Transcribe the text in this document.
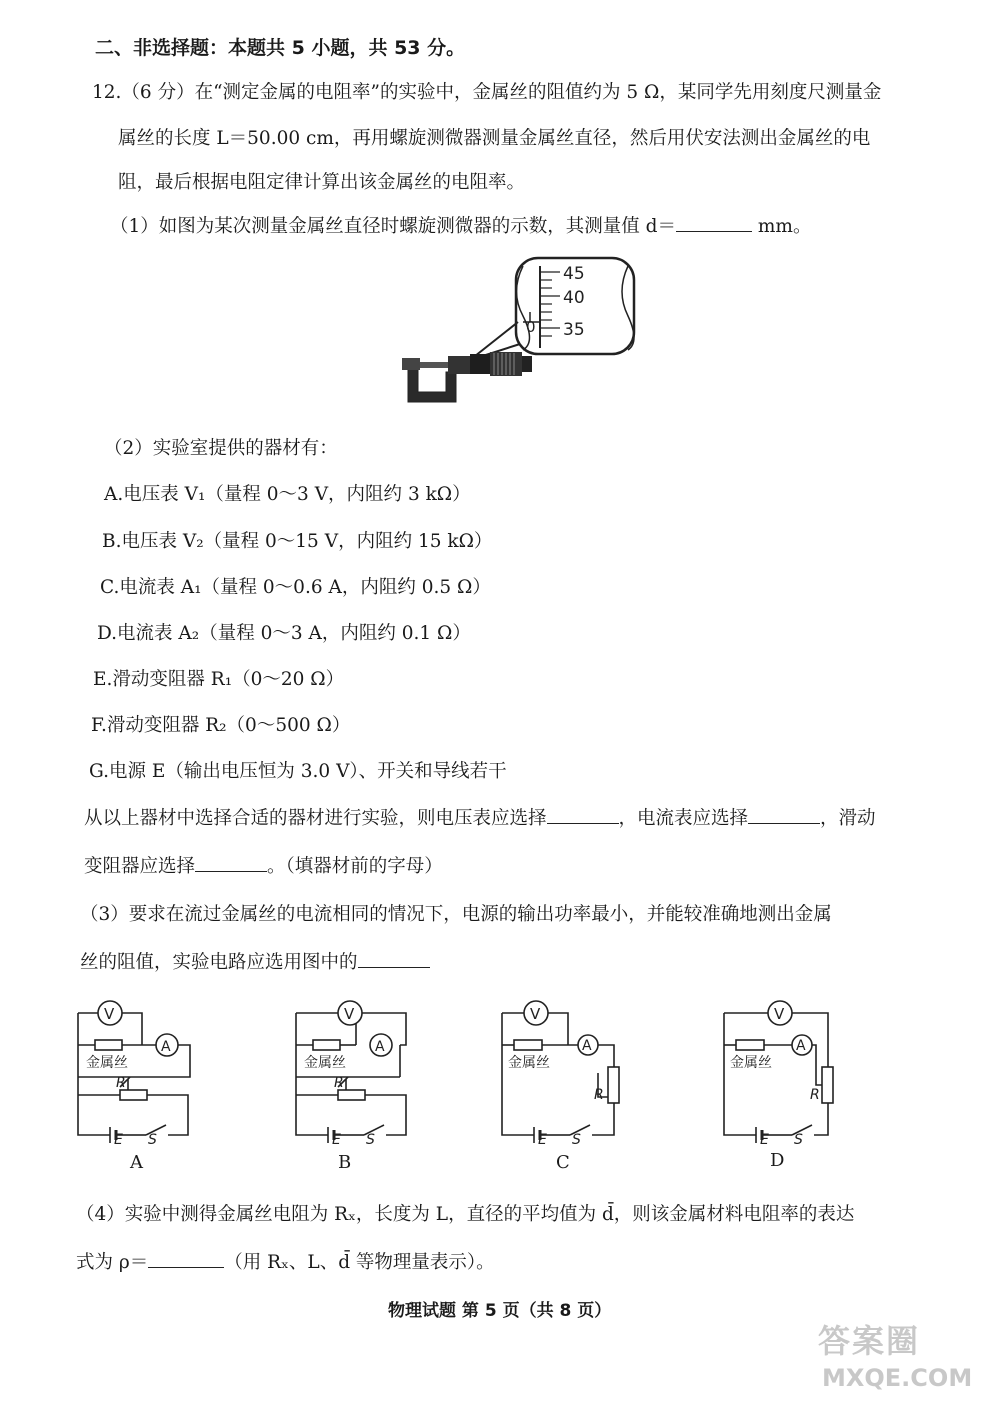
二、非选择题：本题共 5 小题，共 53 分。
12.（6 分）在“测定金属的电阻率”的实验中，金属丝的阻值约为 5 Ω，某同学先用刻度尺测量金
属丝的长度 L＝50.00 cm，再用螺旋测微器测量金属丝直径，然后用伏安法测出金属丝的电
阻，最后根据电阻定律计算出该金属丝的电阻率。
（1）如图为某次测量金属丝直径时螺旋测微器的示数，其测量值 d＝	mm。
45
40
35
0
（2）实验室提供的器材有：
A.电压表 V₁（量程 0～3 V，内阻约 3 kΩ）
B.电压表 V₂（量程 0～15 V，内阻约 15 kΩ）
C.电流表 A₁（量程 0～0.6 A，内阻约 0.5 Ω）
D.电流表 A₂（量程 0～3 A，内阻约 0.1 Ω）
E.滑动变阻器 R₁（0～20 Ω）
F.滑动变阻器 R₂（0～500 Ω）
G.电源 E（输出电压恒为 3.0 V）、开关和导线若干
从以上器材中选择合适的器材进行实验，则电压表应选择	，电流表应选择	，滑动
变阻器应选择	。（填器材前的字母）
（3）要求在流过金属丝的电流相同的情况下，电源的输出功率最小，并能较准确地测出金属
丝的阻值，实验电路应选用图中的
V
A
金属丝
R
E S
A
V
A
金属丝
R
E S
B
V
A
金属丝
R
E S
C
V
A
金属丝
R
E S
D
（4）实验中测得金属丝电阻为 Rₓ，长度为 L，直径的平均值为 d̄，则该金属材料电阻率的表达
式为 ρ＝	（用 Rₓ、L、d̄ 等物理量表示）。
物理试题 第 5 页（共 8 页）
答案圈
MXQE.COM
